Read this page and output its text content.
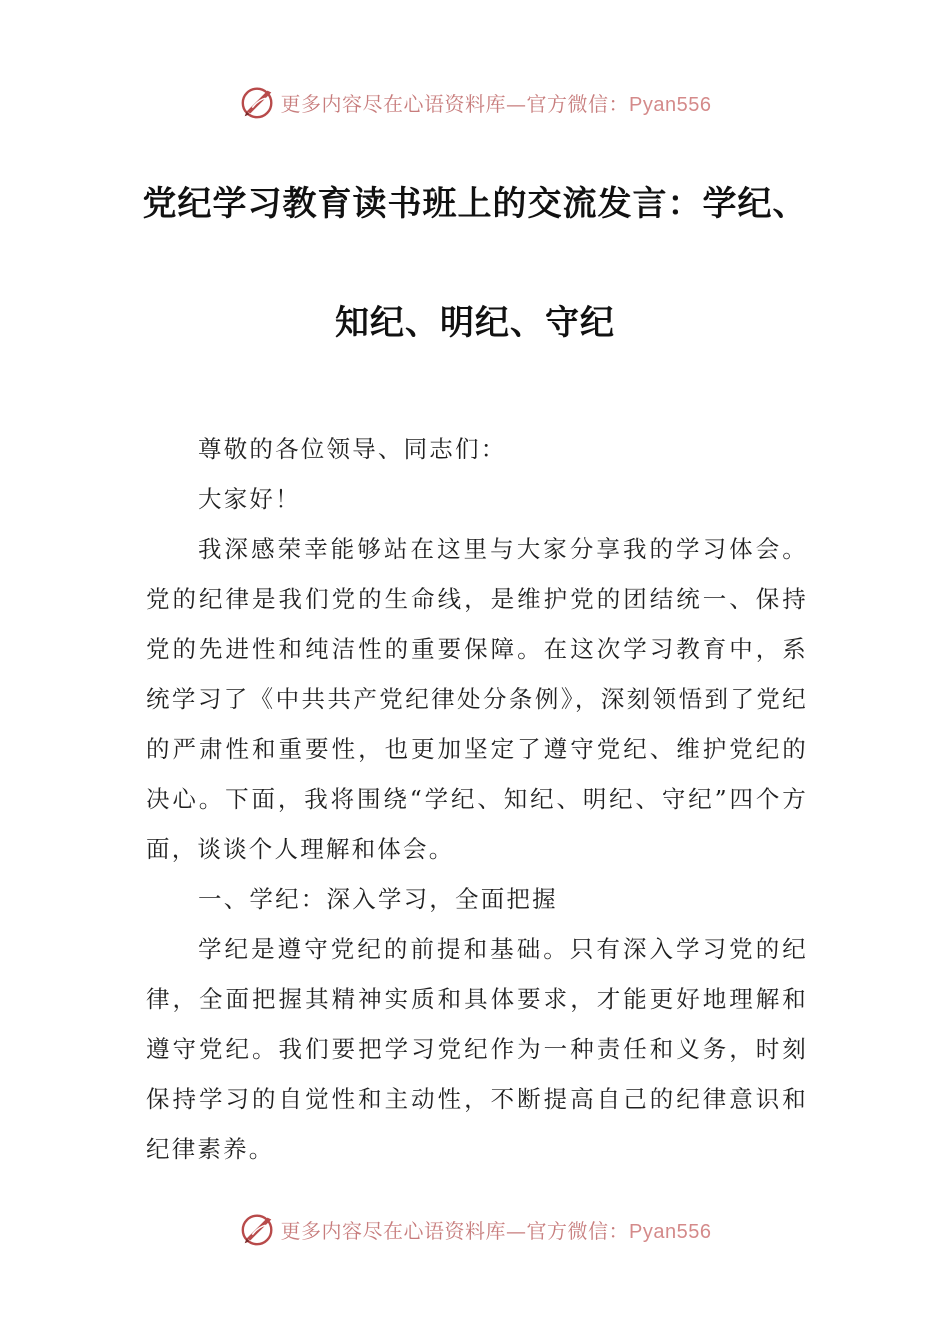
更多内容尽在心语资料库—官方微信：Pyan556
党纪学习教育读书班上的交流发言：学纪、
知纪、明纪、守纪

尊敬的各位领导、同志们：

大家好！

我深感荣幸能够站在这里与大家分享我的学习体会。党的纪律是我们党的生命线，是维护党的团结统一、保持党的先进性和纯洁性的重要保障。在这次学习教育中，系统学习了《中共共产党纪律处分条例》，深刻领悟到了党纪的严肃性和重要性，也更加坚定了遵守党纪、维护党纪的决心。下面，我将围绕“学纪、知纪、明纪、守纪”四个方面，谈谈个人理解和体会。

一、学纪：深入学习，全面把握

学纪是遵守党纪的前提和基础。只有深入学习党的纪律，全面把握其精神实质和具体要求，才能更好地理解和遵守党纪。我们要把学习党纪作为一种责任和义务，时刻保持学习的自觉性和主动性，不断提高自己的纪律意识和纪律素养。

更多内容尽在心语资料库—官方微信：Pyan556
